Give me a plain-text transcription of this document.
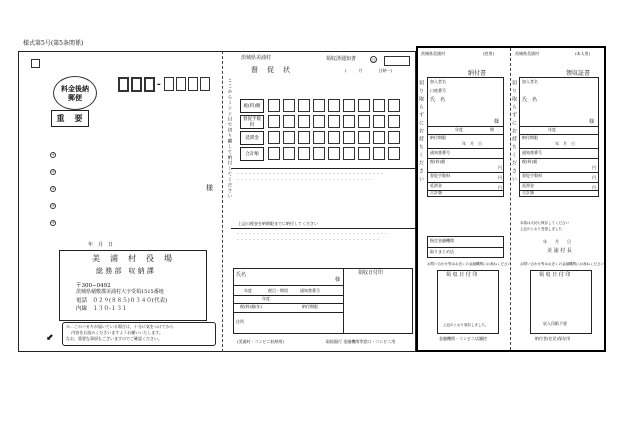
様式第5号(第5条関係)
料金後納
郵便
-
重　要
+
+
+
+
+
様
年　月　日
美　浦　村　役　場
総 務 部　収 納 課
〒300−0492
茨城県稲敷郡美浦村大字受領1515番地
電話　０２９(８８５)０３４０(代表)
内線　１３０-１３１
※...このハガキが届いている場合は，十分に気をつけてから
　 内容をお読みくださいますようお願いいたします。
なお，重要な事項もございますのでご確認ください。
⬋
茨城県美浦村
督　促　状
領収済通知書	公
(　　　月　　　　日納一)
ここからミシン目で切り離して納付してください	税(料)額
督促手数料
延滞金
合計額
・・・・・・・・・・・・・・・・・・・・・・・・・・・・・・・・・・・・・
・・・・・・・・・・・・・・・・・・・・・・・・・・・・・・・・・・
上記の税金を納期限までに納付してください
・・・・・・・・・・・・・・・・・・・・・・・・・・・・・・・・・・・・・・
・・・・・・・・・・・・・・・・・・・・・・・・・・・・・・・・・・・・
氏名
様
領収日付印
年度	税目・期別	通知書番号
年度
税(料)額(年)	納付期限
住所
(美浦村・コンビニ収納用)	取扱銀行 金融機関等窓口・コンビニ用
茨城県美浦村	(控用)
切り取らずにお持ちください
納付書
加入者名
口座番号
氏　名
様
年度	期
納付期限
年　月　日
通知書番号
税(料)額
円
督促手数料	円
延滞金	円
合計額
指定金融機関
取りまとめ店
お問い合わせ等はお近くの金融機関にお尋ねください
領 収 日 付 印
上記のとおり領収しました。
金融機関・コンビニ店舗控
茨城県美浦村	(本人用)
切り取らずにお持ちください
領収証書
加入者名
氏　名
様
年度
納付期限
年　月　日
通知書番号
税(料)額
円
督促手数料	円
延滞金	円
合計額
本紙は大切に保存してください
上記のとおり受領しました
年　　月　　日
美 浦 村 長
お問い合わせ等はお近くの金融機関にお尋ねください
領 収 日 付 印
収入印紙不要
納付者(住民)保存用
